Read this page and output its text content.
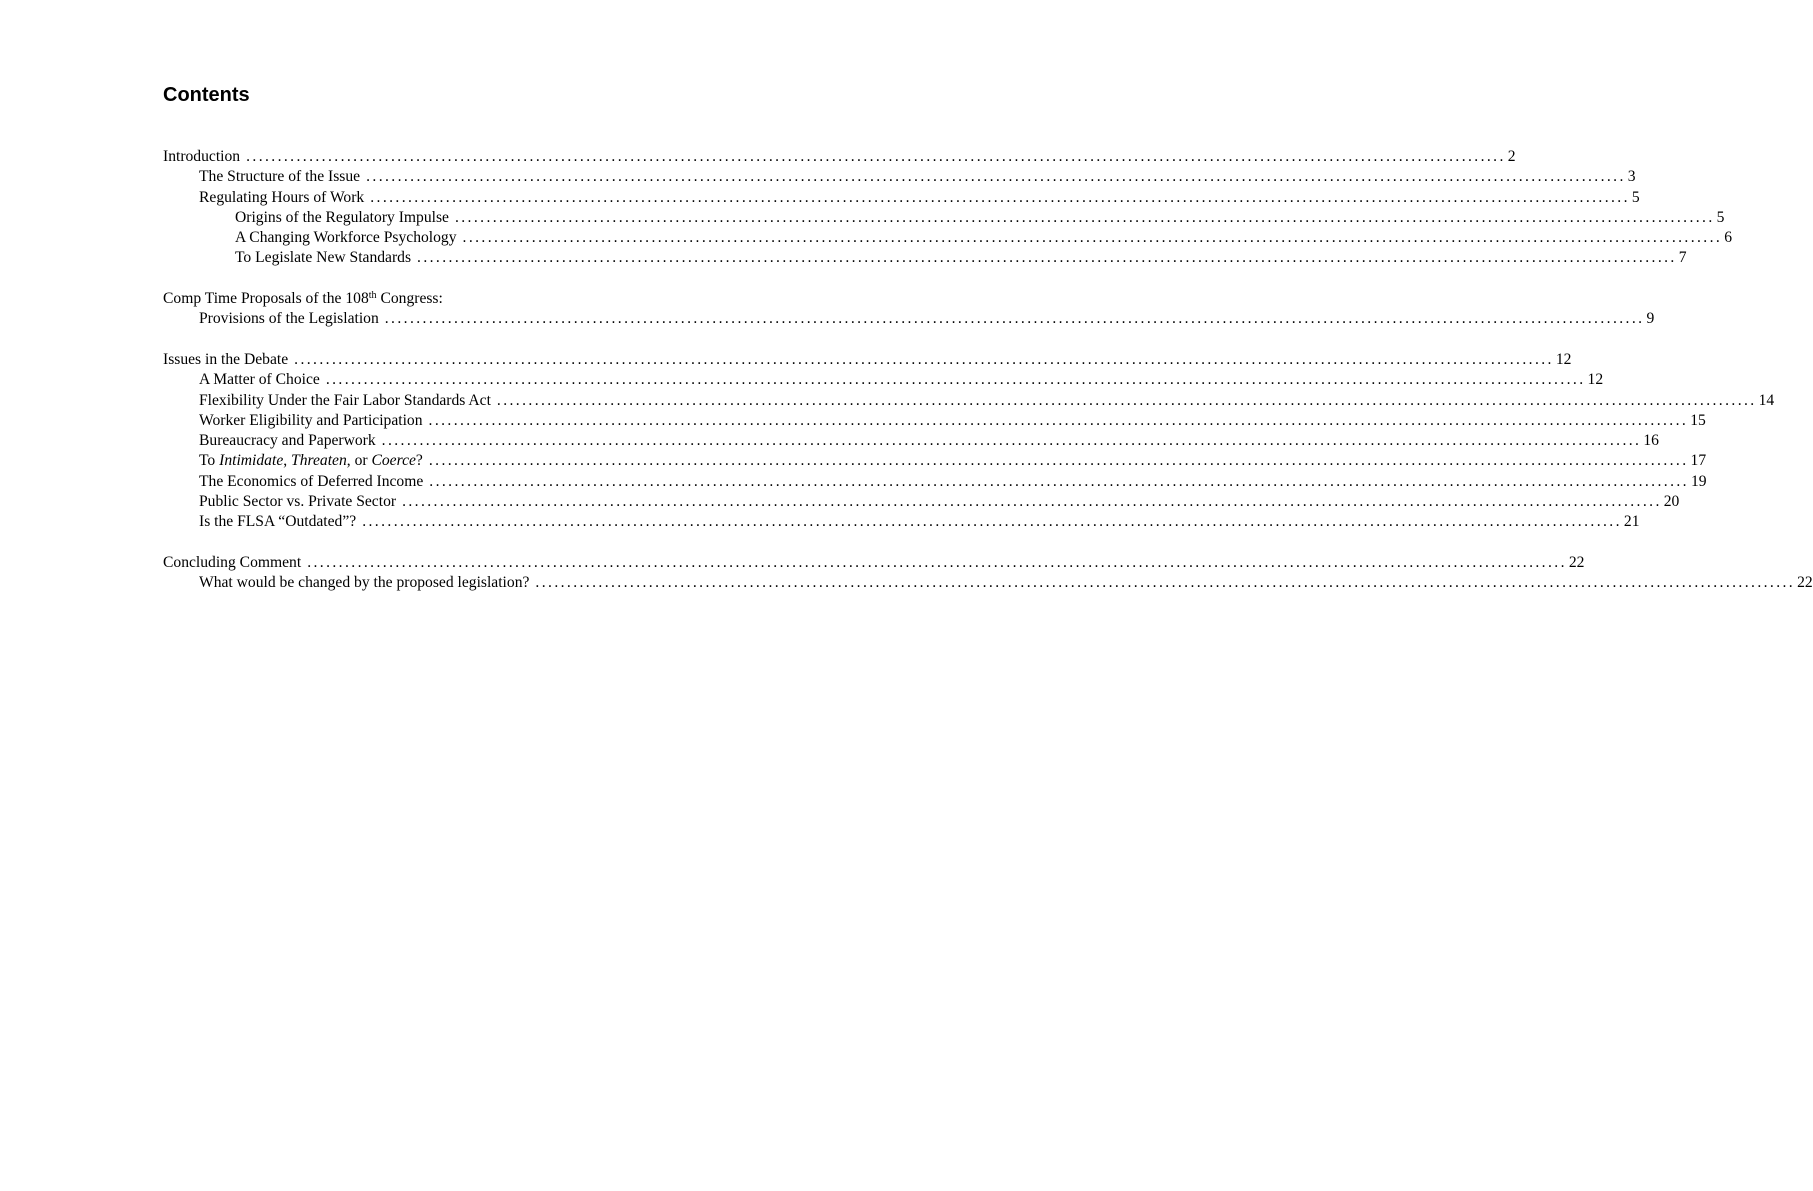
Contents
Introduction ........................................................................................................................................................................................................ 2
The Structure of the Issue ........................................................................................................................................................................................................ 3
Regulating Hours of Work ........................................................................................................................................................................................................ 5
Origins of the Regulatory Impulse ........................................................................................................................................................................................................ 5
A Changing Workforce Psychology ........................................................................................................................................................................................................ 6
To Legislate New Standards ........................................................................................................................................................................................................ 7
Comp Time Proposals of the 108th Congress:
Provisions of the Legislation ........................................................................................................................................................................................................ 9
Issues in the Debate ........................................................................................................................................................................................................ 12
A Matter of Choice ........................................................................................................................................................................................................ 12
Flexibility Under the Fair Labor Standards Act ........................................................................................................................................................................................................ 14
Worker Eligibility and Participation ........................................................................................................................................................................................................ 15
Bureaucracy and Paperwork ........................................................................................................................................................................................................ 16
To Intimidate, Threaten, or Coerce? ........................................................................................................................................................................................................ 17
The Economics of Deferred Income ........................................................................................................................................................................................................ 19
Public Sector vs. Private Sector ........................................................................................................................................................................................................ 20
Is the FLSA “Outdated”? ........................................................................................................................................................................................................ 21
Concluding Comment ........................................................................................................................................................................................................ 22
What would be changed by the proposed legislation? ........................................................................................................................................................................................................ 22
